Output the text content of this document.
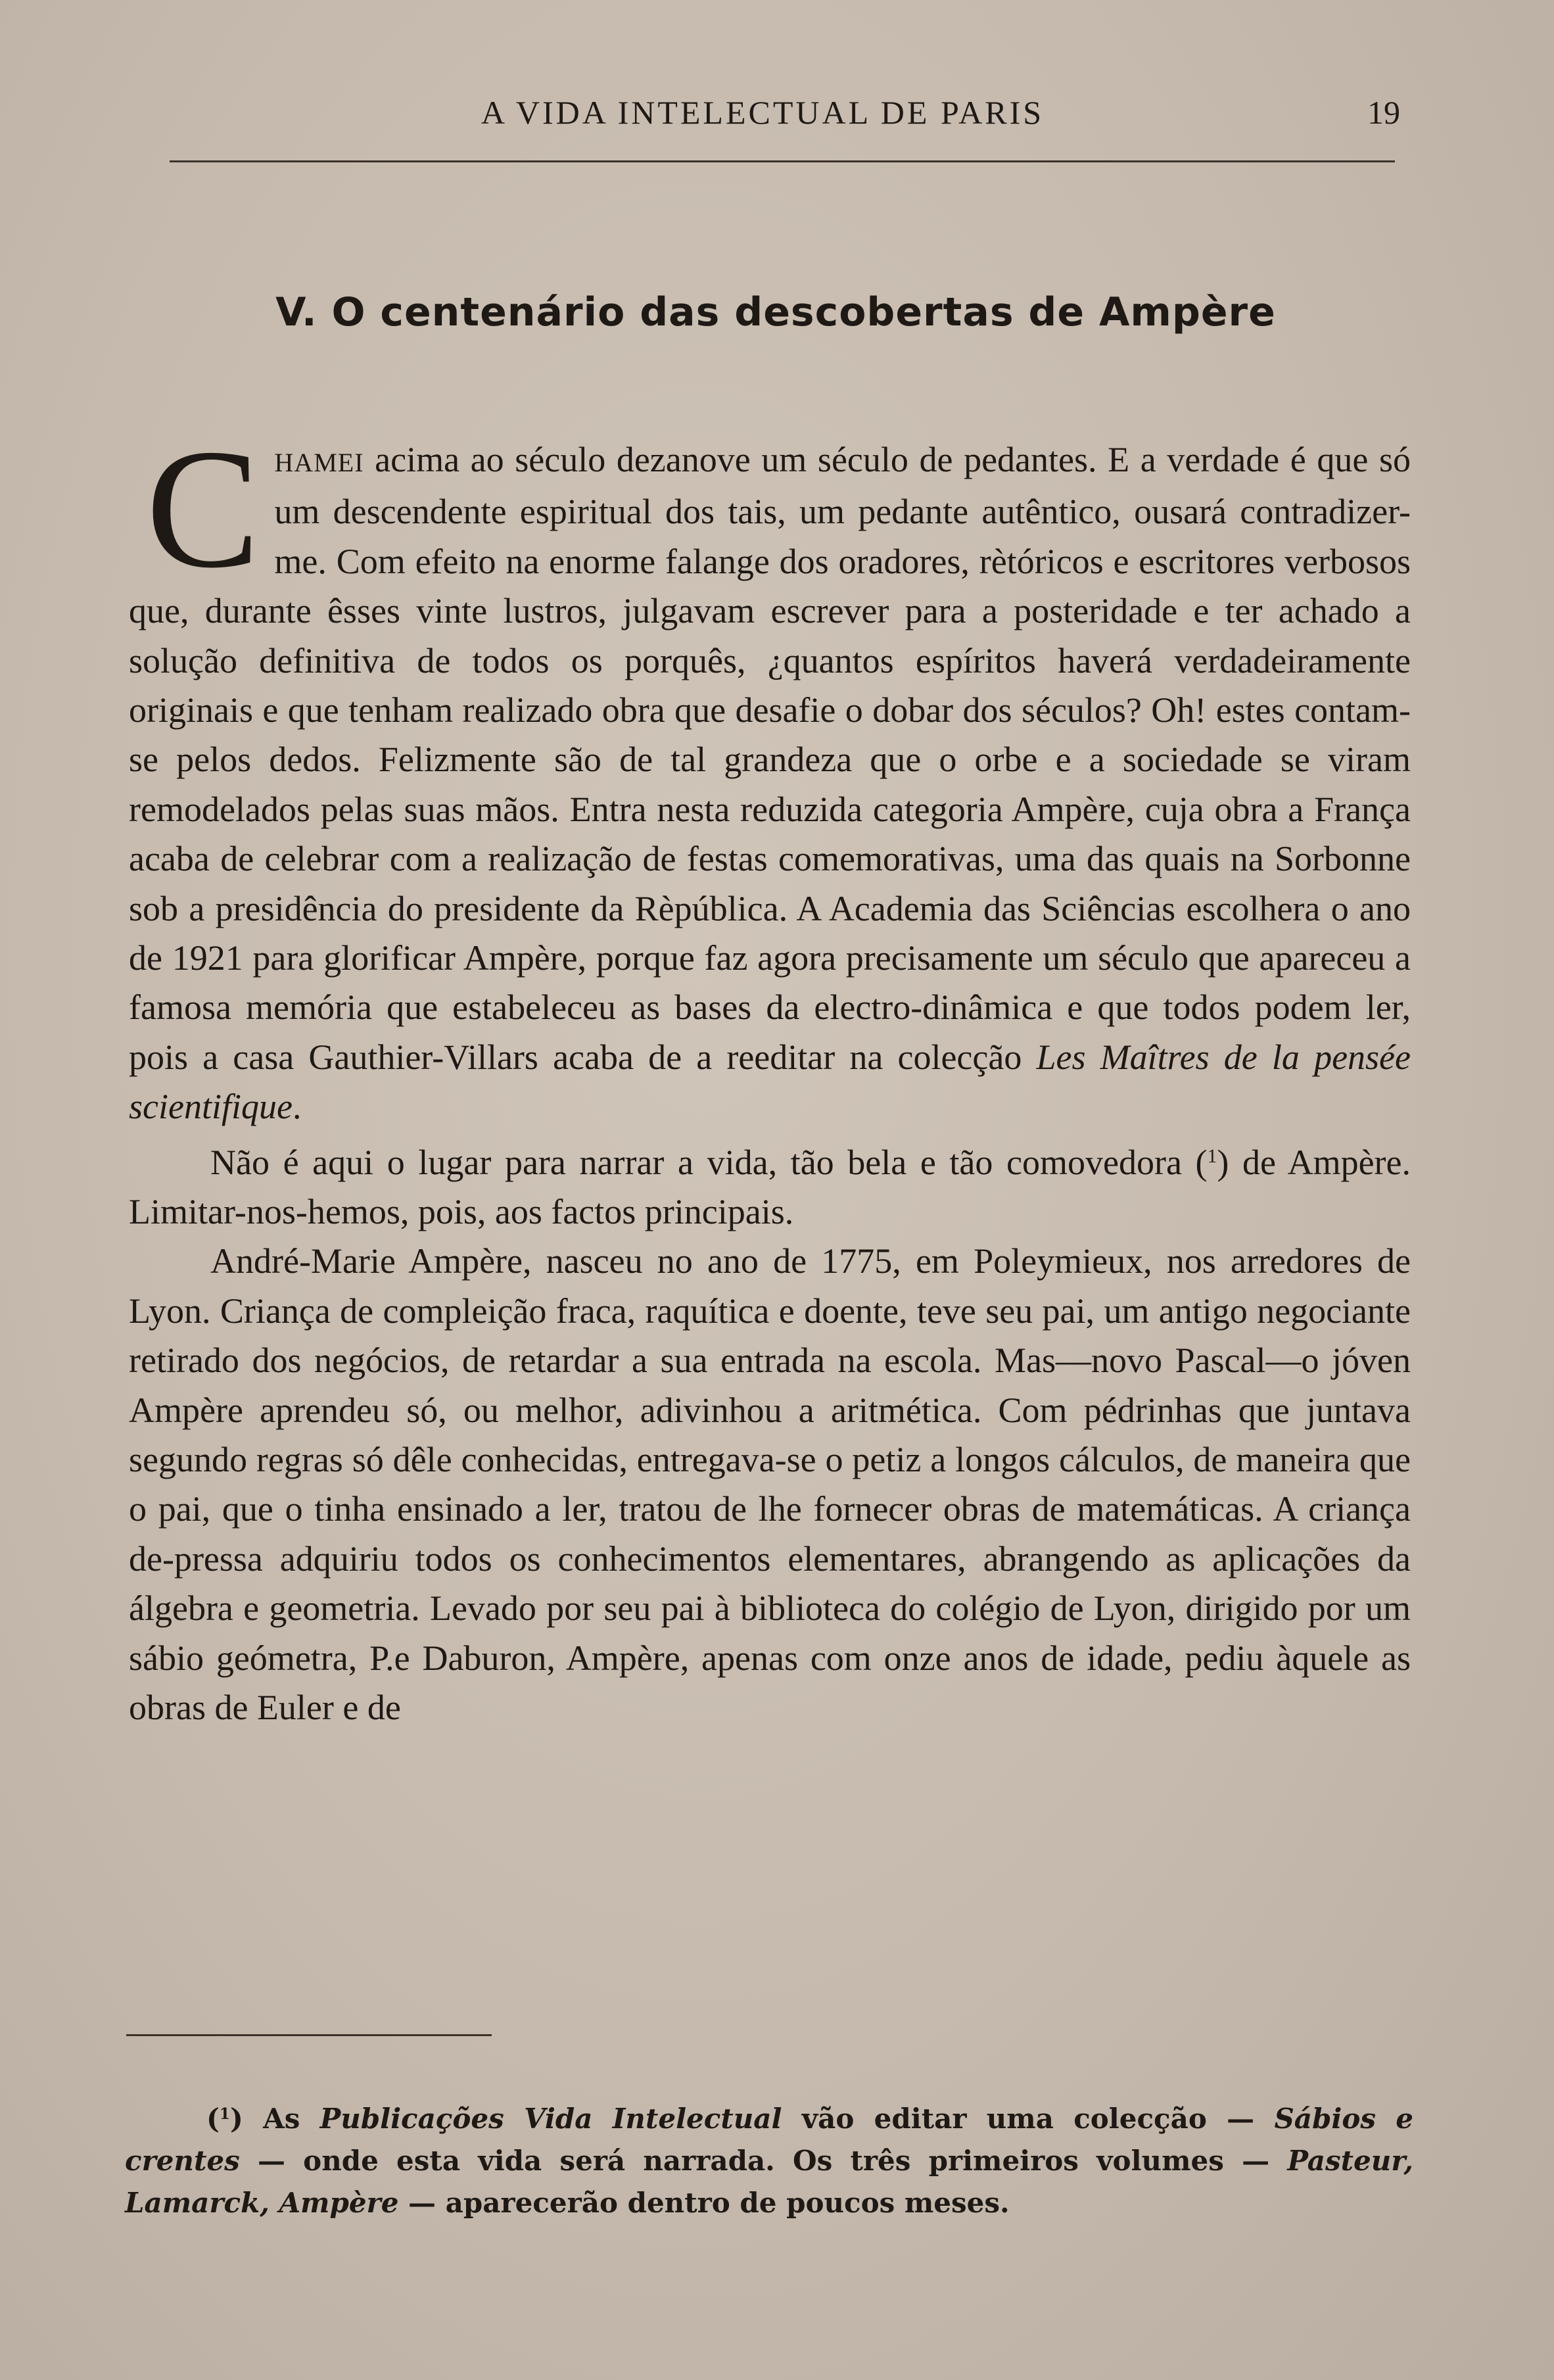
A VIDA INTELECTUAL DE PARIS	19
V. O centenário das descobertas de Ampère

CHAMEI acima ao século dezanove um século de pedantes. E a verdade é que só um descendente espiritual dos tais, um pedante autêntico, ousará contradizer-me. Com efeito na enorme falange dos oradores, rètóricos e escritores verbosos que, durante êsses vinte lustros, julgavam escrever para a posteridade e ter achado a solução definitiva de todos os porquês, ¿quantos espíritos haverá verdadeiramente originais e que tenham realizado obra que desafie o dobar dos séculos? Oh! estes contam-se pelos dedos. Felizmente são de tal grandeza que o orbe e a sociedade se viram remodelados pelas suas mãos. Entra nesta reduzida categoria Ampère, cuja obra a França acaba de celebrar com a realização de festas comemorativas, uma das quais na Sorbonne sob a presidência do presidente da Rèpública. A Academia das Sciências escolhera o ano de 1921 para glorificar Ampère, porque faz agora precisamente um século que apareceu a famosa memória que estabeleceu as bases da electro-dinâmica e que todos podem ler, pois a casa Gauthier-Villars acaba de a reeditar na colecção Les Maîtres de la pensée scientifique.

Não é aqui o lugar para narrar a vida, tão bela e tão comovedora ($^1$) de Ampère. Limitar-nos-hemos, pois, aos factos principais.

André-Marie Ampère, nasceu no ano de 1775, em Poleymieux, nos arredores de Lyon. Criança de compleição fraca, raquítica e doente, teve seu pai, um antigo negociante retirado dos negócios, de retardar a sua entrada na escola. Mas—novo Pascal—o jóven Ampère aprendeu só, ou melhor, adivinhou a aritmética. Com pédrinhas que juntava segundo regras só dêle conhecidas, entregava-se o petiz a longos cálculos, de maneira que o pai, que o tinha ensinado a ler, tratou de lhe fornecer obras de matemáticas. A criança de-pressa adquiriu todos os conhecimentos elementares, abrangendo as aplicações da álgebra e geometria. Levado por seu pai à biblioteca do colégio de Lyon, dirigido por um sábio geómetra, P.e Daburon, Ampère, apenas com onze anos de idade, pediu àquele as obras de Euler e de

($^1$) As Publicações Vida Intelectual vão editar uma colecção — Sábios e crentes — onde esta vida será narrada. Os três primeiros volumes — Pasteur, Lamarck, Ampère — aparecerão dentro de poucos meses.
